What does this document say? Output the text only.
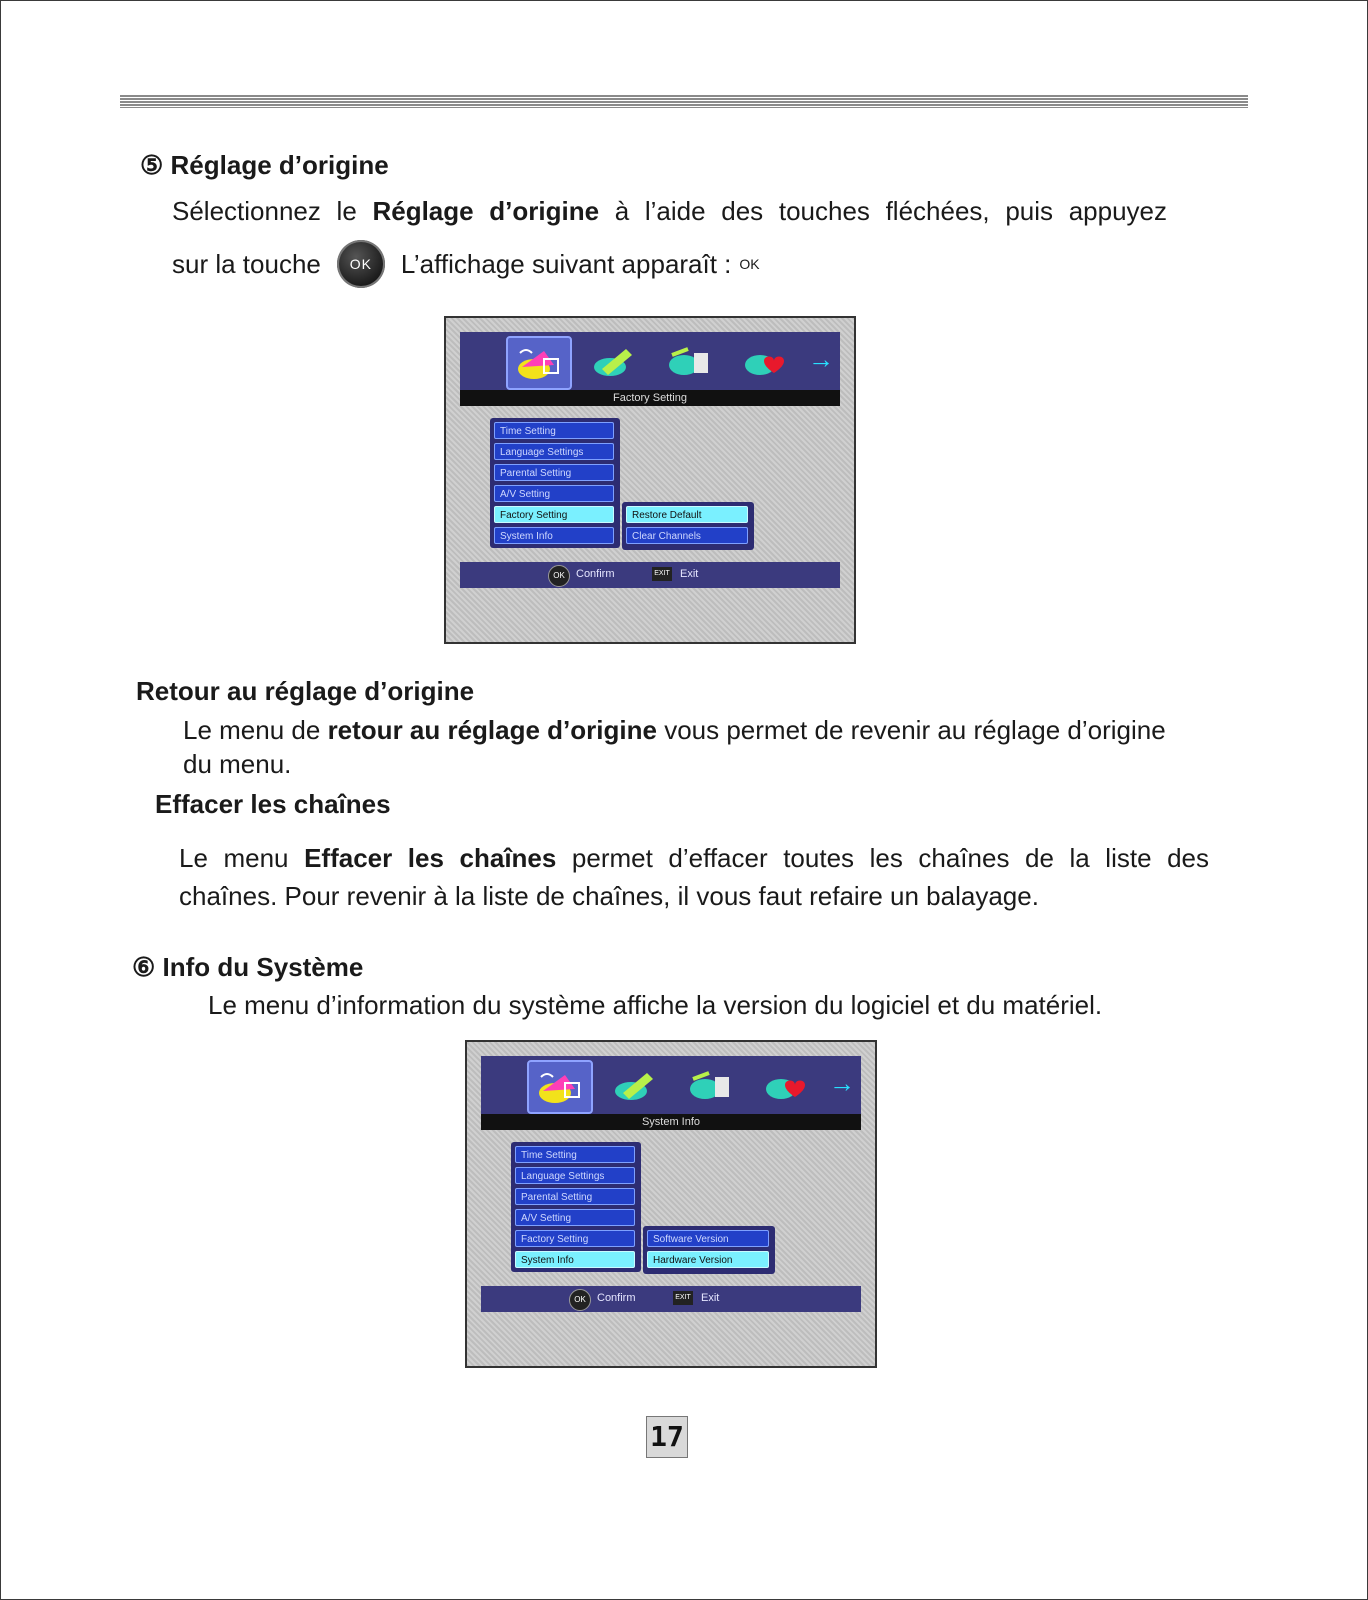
⑤ Réglage d’origine
Sélectionnez le Réglage d’origine à l’aide des touches fléchées, puis appuyez
sur la touche	OK	L’affichage suivant apparaît : OK
→
Factory Setting
Time Setting
Language Settings
Parental Setting
A/V Setting
Factory Setting
System Info
Restore Default
Clear Channels
OK	Confirm	EXIT Exit
Retour au réglage d’origine
Le menu de retour au réglage d’origine vous permet de revenir au réglage d’origine
du menu.
Effacer les chaînes
Le menu Effacer les chaînes permet d’effacer toutes les chaînes de la liste des
chaînes. Pour revenir à la liste de chaînes, il vous faut refaire un balayage.
⑥ Info du Système
Le menu d’information du système affiche la version du logiciel et du matériel.
→
System Info
Time Setting
Language Settings
Parental Setting
A/V Setting
Factory Setting
System Info
Software Version
Hardware Version
OK	Confirm	EXIT Exit
17
